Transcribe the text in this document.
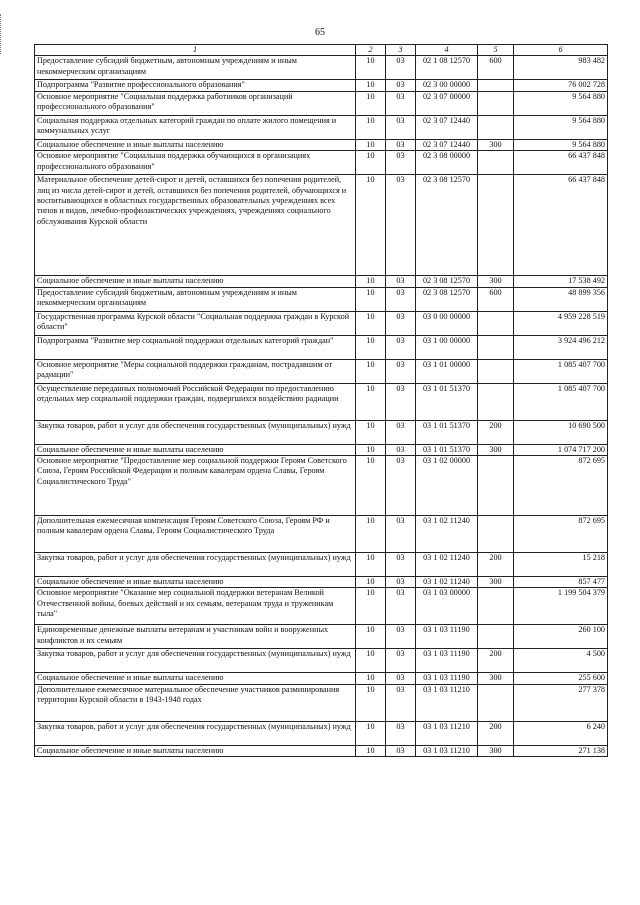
65
1	2	3	4	5	6
Предоставление субсидий бюджетным, автономным учреждениям и иным некоммерческим организациям	10	03	02 1 08 12570	600	983 482
Подпрограмма "Развитие профессионального образования"	10	03	02 3 00 00000		76 002 728
Основное мероприятие "Социальная поддержка работников организаций профессионального образования"	10	03	02 3 07 00000		9 564 880
Социальная поддержка отдельных категорий граждан по оплате жилого помещения и коммунальных услуг	10	03	02 3 07 12440		9 564 880
Социальное обеспечение и иные выплаты населению	10	03	02 3 07 12440	300	9 564 880
Основное мероприятие "Социальная поддержка обучающихся в организациях профессионального образования"	10	03	02 3 08 00000		66 437 848
Материальное обеспечение детей-сирот и детей, оставшихся без попечения родителей, лиц из числа детей-сирот и детей, оставшихся без попечения родителей, обучающихся и воспитывающихся в областных государственных образовательных учреждениях всех типов и видов, лечебно-профилактических учреждениях, учреждениях социального обслуживания Курской области	10	03	02 3 08 12570		66 437 848
Социальное обеспечение и иные выплаты населению	10	03	02 3 08 12570	300	17 538 492
Предоставление субсидий бюджетным, автономным учреждениям и иным некоммерческим организациям	10	03	02 3 08 12570	600	48 899 356
Государственная программа Курской области "Социальная поддержка граждан в Курской области"	10	03	03 0 00 00000		4 959 228 519
Подпрограмма "Развитие мер социальной поддержки отдельных категорий граждан"	10	03	03 1 00 00000		3 924 496 212
Основное мероприятие "Меры социальной поддержки гражданам, пострадавшим от радиации"	10	03	03 1 01 00000		1 085 407 700
Осуществление переданных полномочий Российской Федерации по предоставлению отдельных мер социальной поддержки граждан, подвергшихся воздействию радиации	10	03	03 1 01 51370		1 085 407 700
Закупка товаров, работ и услуг для обеспечения государственных (муниципальных) нужд	10	03	03 1 01 51370	200	10 690 500
Социальное обеспечение и иные выплаты населению	10	03	03 1 01 51370	300	1 074 717 200
Основное мероприятие "Предоставление мер социальной поддержки Героям Советского Союза, Героям Российской Федерации и полным кавалерам ордена Славы, Героям Социалистического Труда"	10	03	03 1 02 00000		872 695
Дополнительная ежемесячная компенсация Героям Советского Союза, Героям РФ и полным кавалерам ордена Славы, Героям Социалистического Труда	10	03	03 1 02 11240		872 695
Закупка товаров, работ и услуг для обеспечения государственных (муниципальных) нужд	10	03	03 1 02 11240	200	15 218
Социальное обеспечение и иные выплаты населению	10	03	03 1 02 11240	300	857 477
Основное мероприятие "Оказание мер социальной поддержки ветеранам Великой Отечественной войны, боевых действий и их семьям, ветеранам труда и труженикам тыла"	10	03	03 1 03 00000		1 199 504 379
Единовременные денежные выплаты ветеранам и участникам войн и вооруженных конфликтов и их семьям	10	03	03 1 03 11190		260 100
Закупка товаров, работ и услуг для обеспечения государственных (муниципальных) нужд	10	03	03 1 03 11190	200	4 500
Социальное обеспечение и иные выплаты населению	10	03	03 1 03 11190	300	255 600
Дополнительное ежемесячное материальное обеспечение участников разминирования территории Курской области в 1943-1948 годах	10	03	03 1 03 11210		277 378
Закупка товаров, работ и услуг для обеспечения государственных (муниципальных) нужд	10	03	03 1 03 11210	200	6 240
Социальное обеспечение и иные выплаты населению	10	03	03 1 03 11210	300	271 138
